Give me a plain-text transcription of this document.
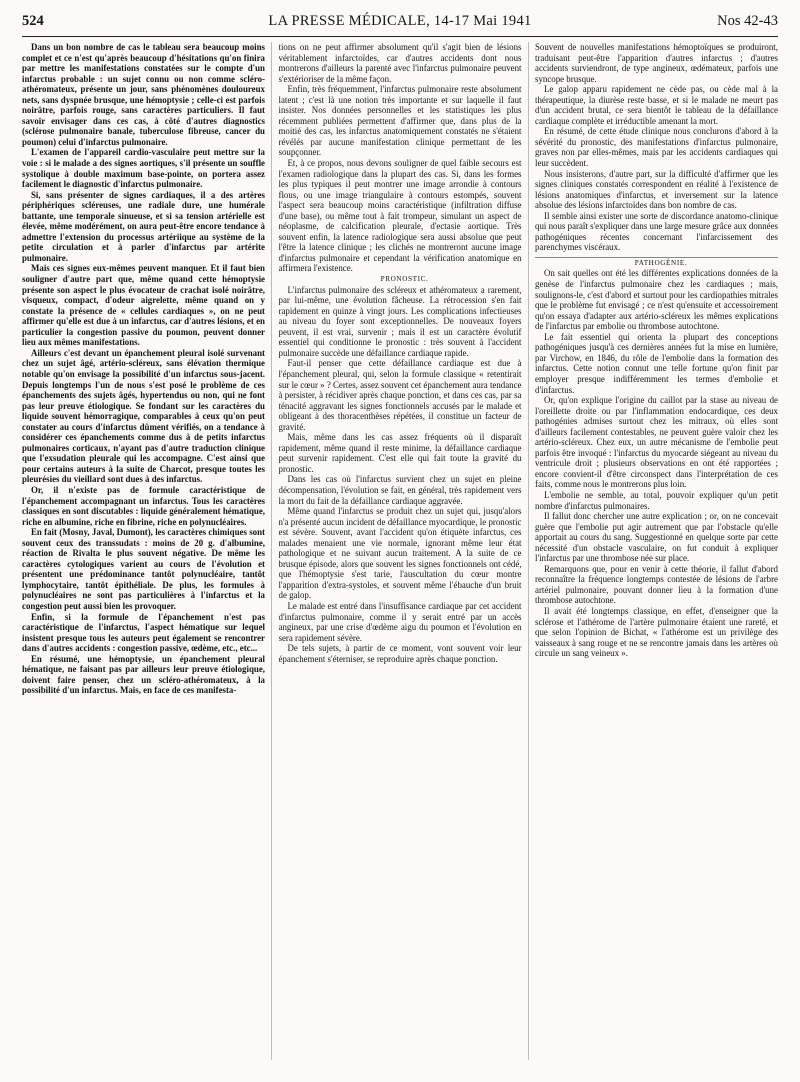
LA PRESSE MÉDICALE, 14-17 Mai 1941
524	Nos 42-43

Dans un bon nombre de cas le tableau sera beaucoup moins complet et ce n'est qu'après beaucoup d'hésitations qu'on finira par mettre les manifestations constatées sur le compte d'un infarctus probable : un sujet connu ou non comme scléro-athéromateux, présente un jour, sans phénomènes douloureux nets, sans dyspnée brusque, une hémoptysie ; celle-ci est parfois noirâtre, parfois rouge, sans caractères particuliers. Il faut savoir envisager dans ces cas, à côté d'autres diagnostics (sclérose pulmonaire banale, tuberculose fibreuse, cancer du poumon) celui d'infarctus pulmonaire.

L'examen de l'appareil cardio-vasculaire peut mettre sur la voie : si le malade a des signes aortiques, s'il présente un souffle systolique à double maximum base-pointe, on portera assez facilement le diagnostic d'infarctus pulmonaire.

Si, sans présenter de signes cardiaques, il a des artères périphériques scléreuses, une radiale dure, une humérale battante, une temporale sinueuse, et si sa tension artérielle est élevée, même modérément, on aura peut-être encore tendance à admettre l'extension du processus artériique au système de la petite circulation et à parler d'infarctus par artérite pulmonaire.

Mais ces signes eux-mêmes peuvent manquer. Et il faut bien souligner d'autre part que, même quand cette hémoptysie présente son aspect le plus évocateur de crachat isolé noirâtre, visqueux, compact, d'odeur aigrelette, même quand on y constate la présence de « cellules cardiaques », on ne peut affirmer qu'elle est due à un infarctus, car d'autres lésions, et en particulier la congestion passive du poumon, peuvent donner lieu aux mêmes manifestations.

Ailleurs c'est devant un épanchement pleural isolé survenant chez un sujet âgé, artério-scléreux, sans élévation thermique notable qu'on envisage la possibilité d'un infarctus sous-jacent. Depuis longtemps l'un de nous s'est posé le problème de ces épanchements des sujets âgés, hypertendus ou non, qui ne font pas leur preuve étiologique. Se fondant sur les caractères du liquide souvent hémorragique, comparables à ceux qu'on peut constater au cours d'infarctus dûment vérifiés, on a tendance à considérer ces épanchements comme dus à de petits infarctus pulmonaires corticaux, n'ayant pas d'autre traduction clinique que l'exsudation pleurale qui les accompagne. C'est ainsi que pour certains auteurs à la suite de Charcot, presque toutes les pleurésies du vieillard sont dues à des infarctus.

Or, il n'existe pas de formule caractéristique de l'épanchement accompagnant un infarctus. Tous les caractères classiques en sont discutables : liquide généralement hématique, riche en albumine, riche en fibrine, riche en polynucléaires.

En fait (Mosny, Javal, Dumont), les caractères chimiques sont souvent ceux des transsudats : moins de 20 g. d'albumine, réaction de Rivalta le plus souvent négative. De même les caractères cytologiques varient au cours de l'évolution et présentent une prédominance tantôt polynucléaire, tantôt lymphocytaire, tantôt épithéliale. De plus, les formules à polynucléaires ne sont pas particulières à l'infarctus et la congestion peut aussi bien les provoquer.

Enfin, si la formule de l'épanchement n'est pas caractéristique de l'infarctus, l'aspect hématique sur lequel insistent presque tous les auteurs peut également se rencontrer dans d'autres accidents : congestion passive, œdème, etc., etc...

En résumé, une hémoptysie, un épanchement pleural hématique, ne faisant pas par ailleurs leur preuve étiologique, doivent faire penser, chez un scléro-athéromateux, à la possibilité d'un infarctus. Mais, en face de ces manifesta-

tions on ne peut affirmer absolument qu'il s'agit bien de lésions véritablement infarctoïdes, car d'autres accidents dont nous montrerons d'ailleurs la parenté avec l'infarctus pulmonaire peuvent s'extérioriser de la même façon.

Enfin, très fréquemment, l'infarctus pulmonaire reste absolument latent ; c'est là une notion très importante et sur laquelle il faut insister. Nos données personnelles et les statistiques les plus récemment publiées permettent d'affirmer que, dans plus de la moitié des cas, les infarctus anatomiquement constatés ne s'étaient révélés par aucune manifestation clinique permettant de les soupçonner.

Et, à ce propos, nous devons souligner de quel faible secours est l'examen radiologique dans la plupart des cas. Si, dans les formes les plus typiques il peut montrer une image arrondie à contours flous, ou une image triangulaire à contours estompés, souvent l'aspect sera beaucoup moins caractéristique (infiltration diffuse d'une base), ou même tout à fait trompeur, simulant un aspect de néoplasme, de calcification pleurale, d'ectasie aortique. Très souvent enfin, la latence radiologique sera aussi absolue que peut l'être la latence clinique ; les clichés ne montreront aucune image d'infarctus pulmonaire et cependant la vérification anatomique en affirmera l'existence.

PRONOSTIC.

L'infarctus pulmonaire des scléreux et athéromateux a rarement, par lui-même, une évolution fâcheuse. La rétrocession s'en fait rapidement en quinze à vingt jours. Les complications infectieuses au niveau du foyer sont exceptionnelles. De nouveaux foyers peuvent, il est vrai, survenir ; mais il est un caractère évolutif essentiel qui conditionne le pronostic : très souvent à l'accident pulmonaire succède une défaillance cardiaque rapide.

Faut-il penser que cette défaillance cardiaque est due à l'épanchement pleural, qui, selon la formule classique « retentirait sur le cœur » ? Certes, assez souvent cet épanchement aura tendance à persister, à récidiver après chaque ponction, et dans ces cas, par sa ténacité aggravant les signes fonctionnels accusés par le malade et obligeant à des thoracenthèses répétées, il constitue un facteur de gravité.

Mais, même dans les cas assez fréquents où il disparaît rapidement, même quand il reste minime, la défaillance cardiaque peut survenir rapidement. C'est elle qui fait toute la gravité du pronostic.

Dans les cas où l'infarctus survient chez un sujet en pleine décompensation, l'évolution se fait, en général, très rapidement vers la mort du fait de la défaillance cardiaque aggravée.

Même quand l'infarctus se produit chez un sujet qui, jusqu'alors n'a présenté aucun incident de défaillance myocardique, le pronostic est sévère. Souvent, avant l'accident qu'on étiquète infarctus, ces malades menaient une vie normale, ignorant même leur état pathologique et ne suivant aucun traitement. A la suite de ce brusque épisode, alors que souvent les signes fonctionnels ont cédé, que l'hémoptysie s'est tarie, l'auscultation du cœur montre l'apparition d'extra-systoles, et souvent même l'ébauche d'un bruit de galop.

Le malade est entré dans l'insuffisance cardiaque par cet accident d'infarctus pulmonaire, comme il y serait entré par un accès angineux, par une crise d'œdème aigu du poumon et l'évolution en sera rapidement sévère.

De tels sujets, à partir de ce moment, vont souvent voir leur épanchement s'éterniser, se reproduire après chaque ponction.

Souvent de nouvelles manifestations hémoptoïques se produiront, traduisant peut-être l'apparition d'autres infarctus ; d'autres accidents surviendront, de type angineux, œdémateux, parfois une syncope brusque.

Le galop apparu rapidement ne cède pas, ou cède mal à la thérapeutique, la diurèse reste basse, et si le malade ne meurt pas d'un accident brutal, ce sera bientôt le tableau de la défaillance cardiaque complète et irréductible amenant la mort.

En résumé, de cette étude clinique nous conclurons d'abord à la sévérité du pronostic, des manifestations d'infarctus pulmonaire, graves non par elles-mêmes, mais par les accidents cardiaques qui leur succèdent.

Nous insisterons, d'autre part, sur la difficulté d'affirmer que les signes cliniques constatés correspondent en réalité à l'existence de lésions anatomiques d'infarctus, et inversement sur la latence absolue des lésions infarctoïdes dans bon nombre de cas.

Il semble ainsi exister une sorte de discordance anatomo-clinique qui nous paraît s'expliquer dans une large mesure grâce aux données pathogéniques récentes concernant l'infarcissement des parenchymes viscéraux.

PATHOGÉNIE.

On sait quelles ont été les différentes explications données de la genèse de l'infarctus pulmonaire chez les cardiaques ; mais, soulignons-le, c'est d'abord et surtout pour les cardiopathies mitrales que le problème fut envisagé ; ce n'est qu'ensuite et accessoirement qu'on essaya d'adapter aux artério-scléreux les mêmes explications de l'infarctus par embolie ou thrombose autochtone.

Le fait essentiel qui orienta la plupart des conceptions pathogéniques jusqu'à ces dernières années fut la mise en lumière, par Virchow, en 1846, du rôle de l'embolie dans la formation des infarctus. Cette notion connut une telle fortune qu'on finit par employer presque indifféremment les termes d'embolie et d'infarctus.

Or, qu'on explique l'origine du caillot par la stase au niveau de l'oreillette droite ou par l'inflammation endocardique, ces deux pathogénies admises surtout chez les mitraux, où elles sont d'ailleurs facilement contestables, ne peuvent guère valoir chez les artério-scléreux. Chez eux, un autre mécanisme de l'embolie peut parfois être invoqué : l'infarctus du myocarde siégeant au niveau du ventricule droit ; plusieurs observations en ont été rapportées ; encore convient-il d'être circonspect dans l'interprétation de ces faits, comme nous le montrerons plus loin.

L'embolie ne semble, au total, pouvoir expliquer qu'un petit nombre d'infarctus pulmonaires.

Il fallut donc chercher une autre explication ; or, on ne concevait guère que l'embolie put agir autrement que par l'obstacle qu'elle apportait au cours du sang. Suggestionné en quelque sorte par cette nécessité d'un obstacle vasculaire, on fut conduit à expliquer l'infarctus par une thrombose née sur place.

Remarquons que, pour en venir à cette théorie, il fallut d'abord reconnaître la fréquence longtemps contestée de lésions de l'arbre artériel pulmonaire, pouvant donner lieu à la formation d'une thrombose autochtone.

Il avait été longtemps classique, en effet, d'enseigner que la sclérose et l'athérome de l'artère pulmonaire étaient une rareté, et que selon l'opinion de Bichat, « l'athérome est un privilège des vaisseaux à sang rouge et ne se rencontre jamais dans les artères où circule un sang veineux ».
